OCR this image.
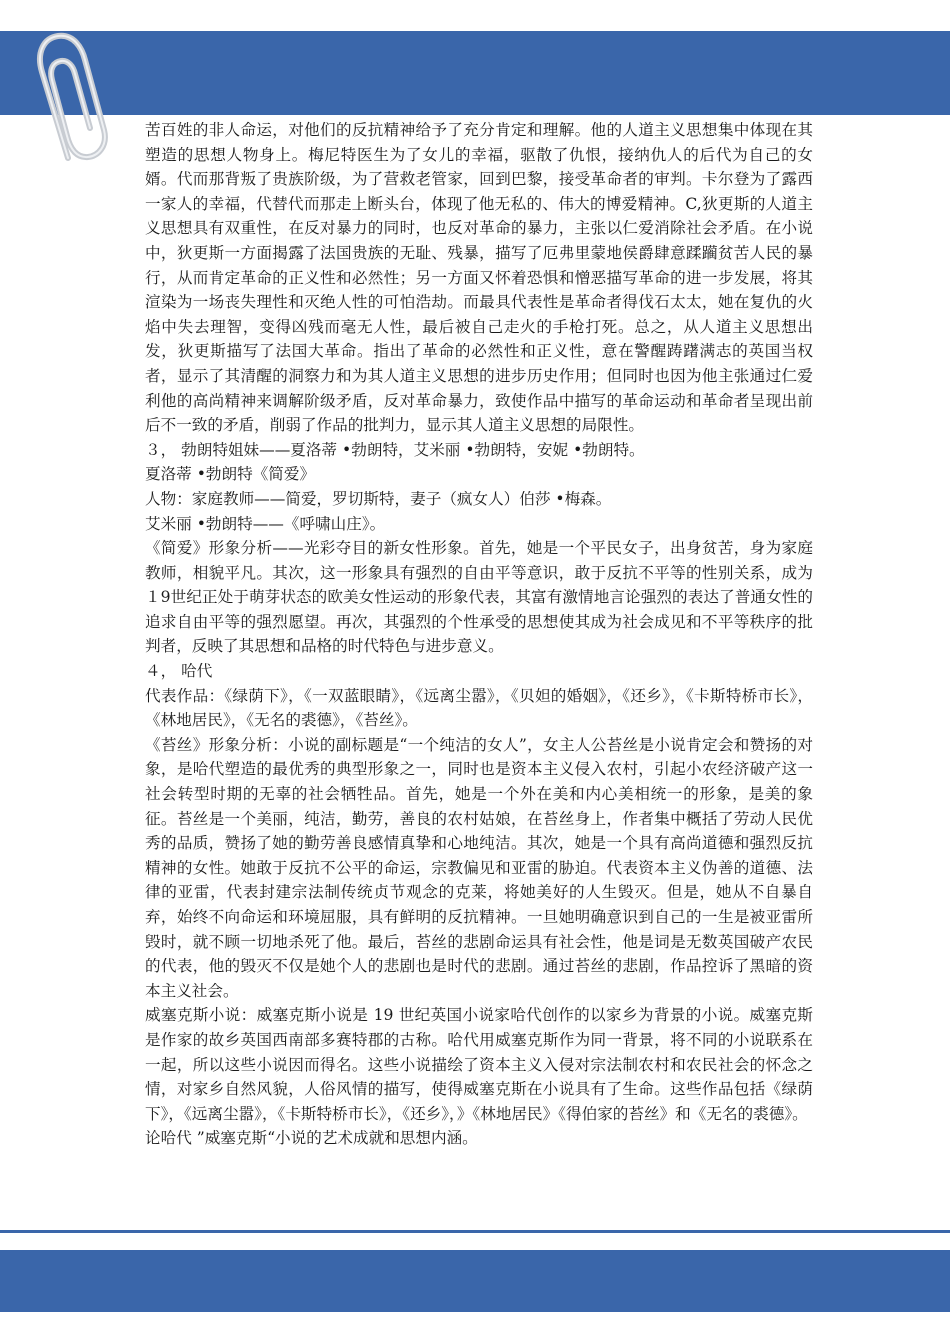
苦百姓的非人命运，对他们的反抗精神给予了充分肯定和理解。他的人道主义思想集中体现在其塑造的思想人物身上。梅尼特医生为了女儿的幸福，驱散了仇恨，接纳仇人的后代为自己的女婿。代而那背叛了贵族阶级，为了营救老管家，回到巴黎，接受革命者的审判。卡尔登为了露西一家人的幸福，代替代而那走上断头台，体现了他无私的、伟大的博爱精神。C,狄更斯的人道主义思想具有双重性，在反对暴力的同时，也反对革命的暴力，主张以仁爱消除社会矛盾。在小说中，狄更斯一方面揭露了法国贵族的无耻、残暴，描写了厄弗里蒙地侯爵肆意蹂躏贫苦人民的暴行，从而肯定革命的正义性和必然性；另一方面又怀着恐惧和憎恶描写革命的进一步发展，将其渲染为一场丧失理性和灭绝人性的可怕浩劫。而最具代表性是革命者得伐石太太，她在复仇的火焰中失去理智，变得凶残而毫无人性，最后被自己走火的手枪打死。总之，从人道主义思想出发，狄更斯描写了法国大革命。指出了革命的必然性和正义性，意在警醒踌躇满志的英国当权者，显示了其清醒的洞察力和为其人道主义思想的进步历史作用；但同时也因为他主张通过仁爱利他的高尚精神来调解阶级矛盾，反对革命暴力，致使作品中描写的革命运动和革命者呈现出前后不一致的矛盾，削弱了作品的批判力，显示其人道主义思想的局限性。

３， 勃朗特姐妹——夏洛蒂 •勃朗特，艾米丽 •勃朗特，安妮 •勃朗特。

夏洛蒂 •勃朗特《简爱》

人物：家庭教师——简爱，罗切斯特，妻子（疯女人）伯莎 •梅森。

艾米丽 •勃朗特——《呼啸山庄》。

《简爱》形象分析——光彩夺目的新女性形象。首先，她是一个平民女子，出身贫苦，身为家庭教师，相貌平凡。其次，这一形象具有强烈的自由平等意识，敢于反抗不平等的性别关系，成为１9世纪正处于萌芽状态的欧美女性运动的形象代表，其富有激情地言论强烈的表达了普通女性的追求自由平等的强烈愿望。再次，其强烈的个性承受的思想使其成为社会成见和不平等秩序的批判者，反映了其思想和品格的时代特色与进步意义。

４， 哈代

代表作品：《绿荫下》，《一双蓝眼睛》，《远离尘嚣》，《贝妲的婚姻》，《还乡》，《卡斯特桥市长》，《林地居民》，《无名的裘德》，《苔丝》。

《苔丝》形象分析：小说的副标题是“一个纯洁的女人”，女主人公苔丝是小说肯定会和赞扬的对象，是哈代塑造的最优秀的典型形象之一，同时也是资本主义侵入农村，引起小农经济破产这一社会转型时期的无辜的社会牺牲品。首先，她是一个外在美和内心美相统一的形象，是美的象征。苔丝是一个美丽，纯洁，勤劳，善良的农村姑娘，在苔丝身上，作者集中概括了劳动人民优秀的品质，赞扬了她的勤劳善良感情真挚和心地纯洁。其次，她是一个具有高尚道德和强烈反抗精神的女性。她敢于反抗不公平的命运，宗教偏见和亚雷的胁迫。代表资本主义伪善的道德、法律的亚雷，代表封建宗法制传统贞节观念的克莱，将她美好的人生毁灭。但是，她从不自暴自弃，始终不向命运和环境屈服，具有鲜明的反抗精神。一旦她明确意识到自己的一生是被亚雷所毁时，就不顾一切地杀死了他。最后，苔丝的悲剧命运具有社会性，他是词是无数英国破产农民的代表，他的毁灭不仅是她个人的悲剧也是时代的悲剧。通过苔丝的悲剧，作品控诉了黑暗的资本主义社会。

威塞克斯小说：威塞克斯小说是 19 世纪英国小说家哈代创作的以家乡为背景的小说。威塞克斯是作家的故乡英国西南部多赛特郡的古称。哈代用威塞克斯作为同一背景，将不同的小说联系在一起，所以这些小说因而得名。这些小说描绘了资本主义入侵对宗法制农村和农民社会的怀念之情，对家乡自然风貌，人俗风情的描写，使得威塞克斯在小说具有了生命。这些作品包括《绿荫下》，《远离尘嚣》，《卡斯特桥市长》，《还乡》，》《林地居民》《得伯家的苔丝》和《无名的裘德》。

论哈代 ”威塞克斯“小说的艺术成就和思想内涵。
